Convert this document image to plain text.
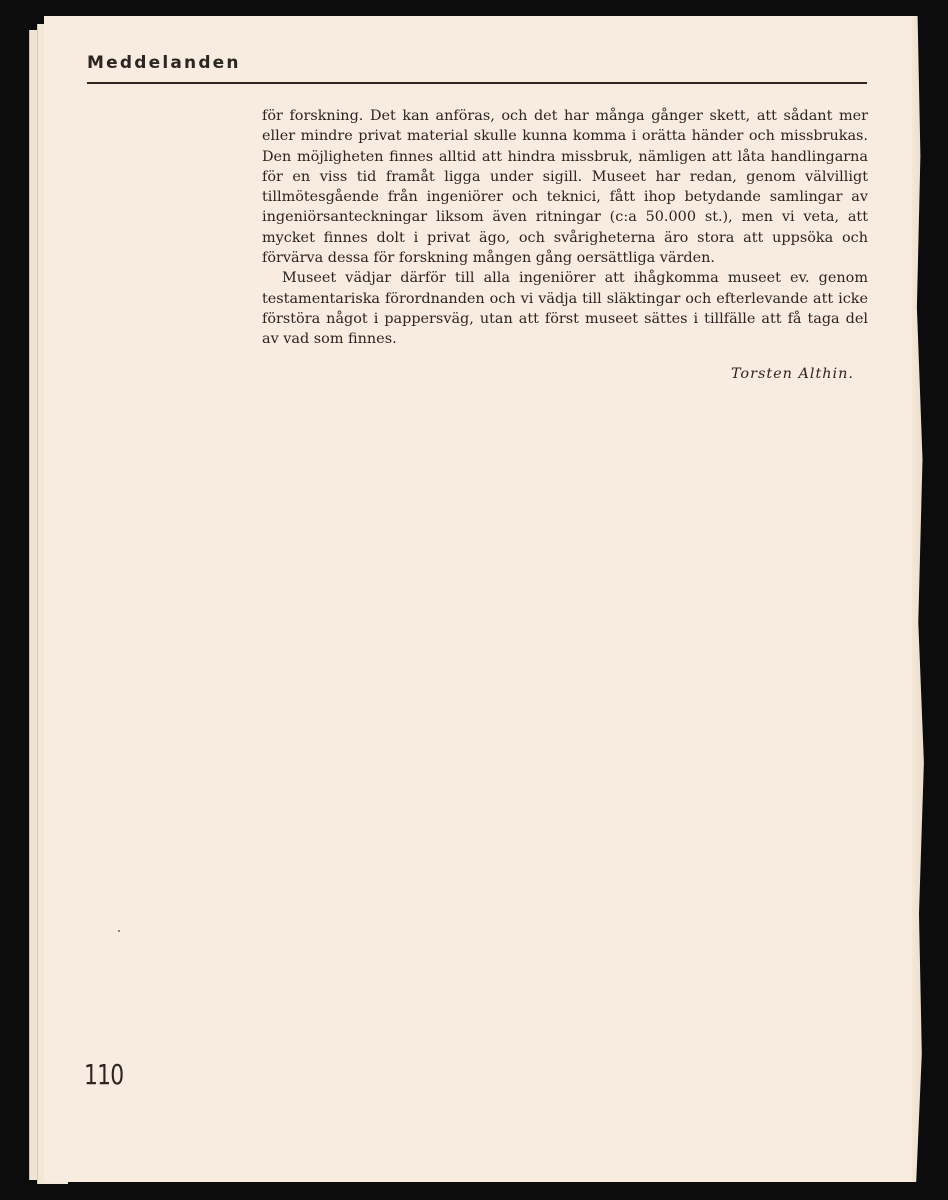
Meddelanden

för forskning. Det kan anföras, och det har många gånger skett, att sådant mer eller mindre privat material skulle kunna komma i orätta händer och missbrukas. Den möjligheten finnes alltid att hindra missbruk, nämligen att låta handlingarna för en viss tid framåt ligga under sigill. Museet har redan, genom välvilligt tillmötesgående från ingeniörer och teknici, fått ihop betydande samlingar av ingeniörsanteckningar liksom även ritningar (c:a 50.000 st.), men vi veta, att mycket finnes dolt i privat ägo, och svårigheterna äro stora att uppsöka och förvärva dessa för forskning mången gång oersättliga värden.

Museet vädjar därför till alla ingeniörer att ihågkomma museet ev. genom testamentariska förordnanden och vi vädja till släktingar och efterlevande att icke förstöra något i pappersväg, utan att först museet sättes i tillfälle att få taga del av vad som finnes.

Torsten Althin.
110
